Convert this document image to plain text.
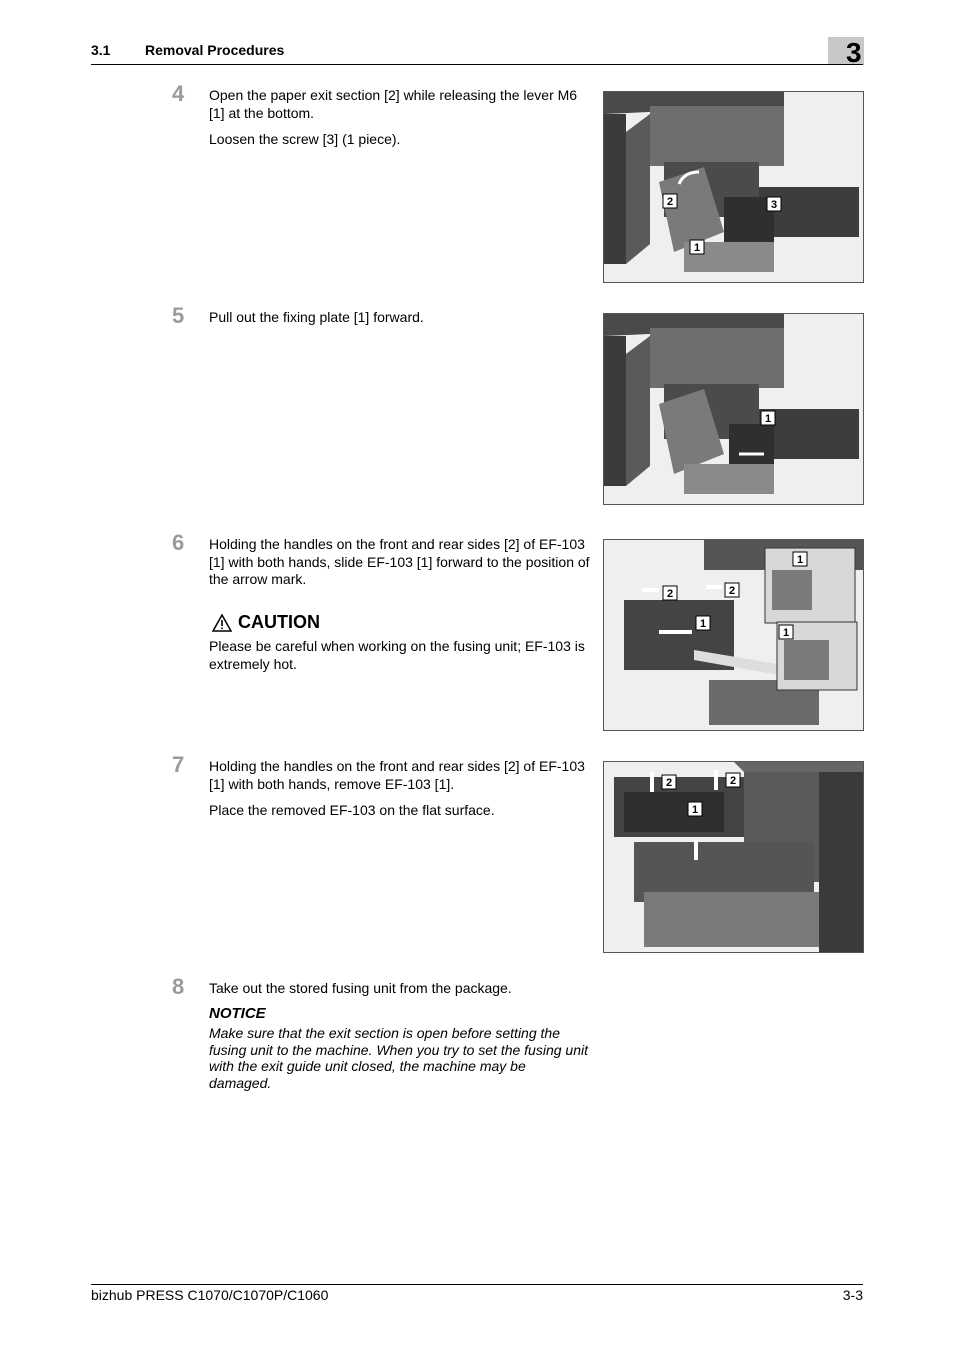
3.1 Removal Procedures	3
4 Open the paper exit section [2] while releasing the lever M6 [1] at the bottom.

Loosen the screw [3] (1 piece).

2	3
1
5 Pull out the fixing plate [1] forward.

1
6 Holding the handles on the front and rear sides [2] of EF-103 [1] with both hands, slide EF-103 [1] forward to the position of the arrow mark.

CAUTION

Please be careful when working on the fusing unit; EF-103 is extremely hot.

2	2
1
1
1
7 Holding the handles on the front and rear sides [2] of EF-103 [1] with both hands, remove EF-103 [1].

Place the removed EF-103 on the flat surface.

2	2
1
8 Take out the stored fusing unit from the package.

NOTICE

Make sure that the exit section is open before setting the fusing unit to the machine. When you try to set the fusing unit with the exit guide unit closed, the machine may be damaged.

bizhub PRESS C1070/C1070P/C1060	3-3
